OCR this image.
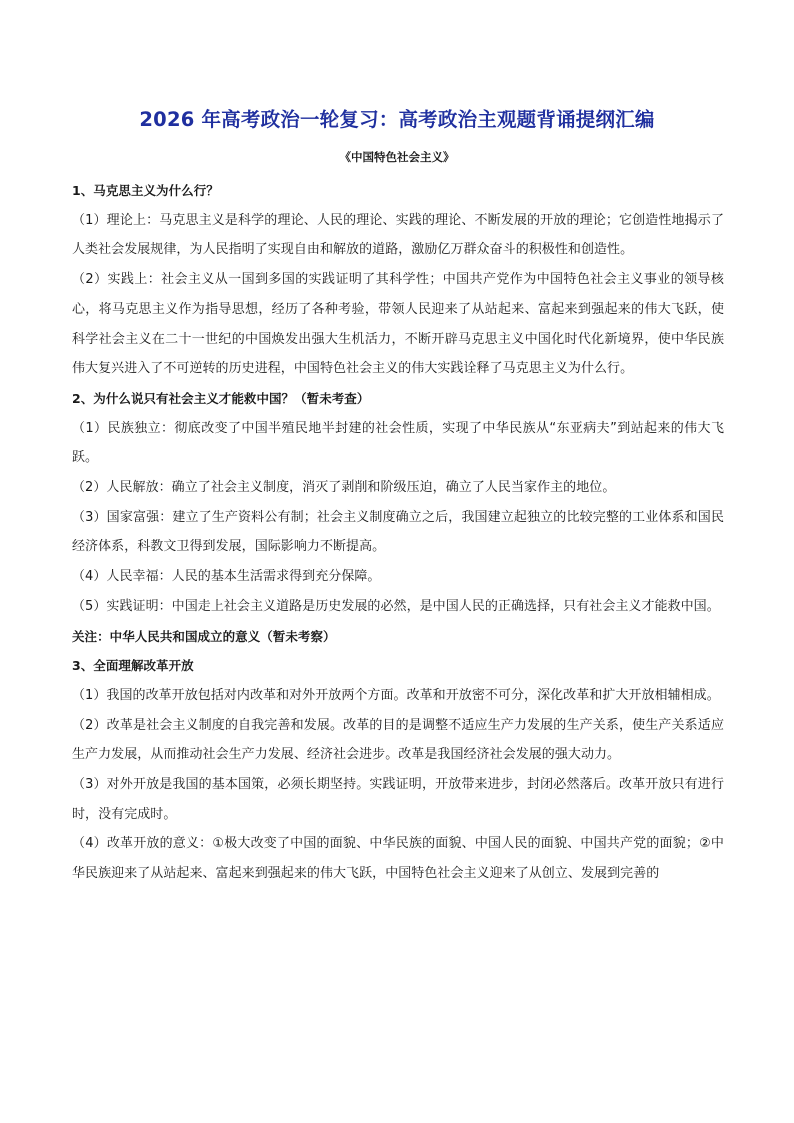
2026 年高考政治一轮复习：高考政治主观题背诵提纲汇编
《中国特色社会主义》

1、马克思主义为什么行？

（1）理论上：马克思主义是科学的理论、人民的理论、实践的理论、不断发展的开放的理论；它创造性地揭示了人类社会发展规律，为人民指明了实现自由和解放的道路，激励亿万群众奋斗的积极性和创造性。

（2）实践上：社会主义从一国到多国的实践证明了其科学性；中国共产党作为中国特色社会主义事业的领导核心，将马克思主义作为指导思想，经历了各种考验，带领人民迎来了从站起来、富起来到强起来的伟大飞跃，使科学社会主义在二十一世纪的中国焕发出强大生机活力，不断开辟马克思主义中国化时代化新境界，使中华民族伟大复兴进入了不可逆转的历史进程，中国特色社会主义的伟大实践诠释了马克思主义为什么行。

2、为什么说只有社会主义才能救中国？（暂未考查）

（1）民族独立：彻底改变了中国半殖民地半封建的社会性质，实现了中华民族从“东亚病夫”到站起来的伟大飞跃。

（2）人民解放：确立了社会主义制度，消灭了剥削和阶级压迫，确立了人民当家作主的地位。

（3）国家富强：建立了生产资料公有制；社会主义制度确立之后，我国建立起独立的比较完整的工业体系和国民经济体系，科教文卫得到发展，国际影响力不断提高。

（4）人民幸福：人民的基本生活需求得到充分保障。

（5）实践证明：中国走上社会主义道路是历史发展的必然，是中国人民的正确选择，只有社会主义才能救中国。

关注：中华人民共和国成立的意义（暂未考察）

3、全面理解改革开放

（1）我国的改革开放包括对内改革和对外开放两个方面。改革和开放密不可分，深化改革和扩大开放相辅相成。

（2）改革是社会主义制度的自我完善和发展。改革的目的是调整不适应生产力发展的生产关系，使生产关系适应生产力发展，从而推动社会生产力发展、经济社会进步。改革是我国经济社会发展的强大动力。

（3）对外开放是我国的基本国策，必须长期坚持。实践证明，开放带来进步，封闭必然落后。改革开放只有进行时，没有完成时。

（4）改革开放的意义：①极大改变了中国的面貌、中华民族的面貌、中国人民的面貌、中国共产党的面貌；②中华民族迎来了从站起来、富起来到强起来的伟大飞跃，中国特色社会主义迎来了从创立、发展到完善的
